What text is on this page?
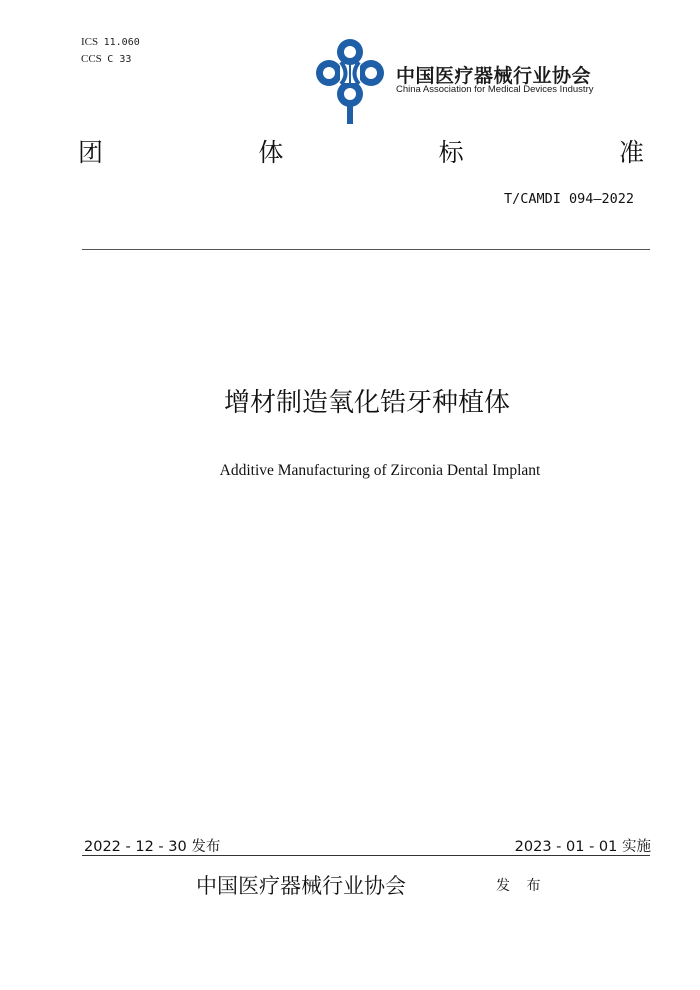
ICS 11.060
CCS C 33
中国医疗器械行业协会
China Association for Medical Devices Industry
团	体	标	准
T/CAMDI 094—2022
增材制造氧化锆牙种植体
Additive Manufacturing of Zirconia Dental Implant
2022 - 12 - 30 发布	2023 - 01 - 01 实施
中国医疗器械行业协会	发 布
